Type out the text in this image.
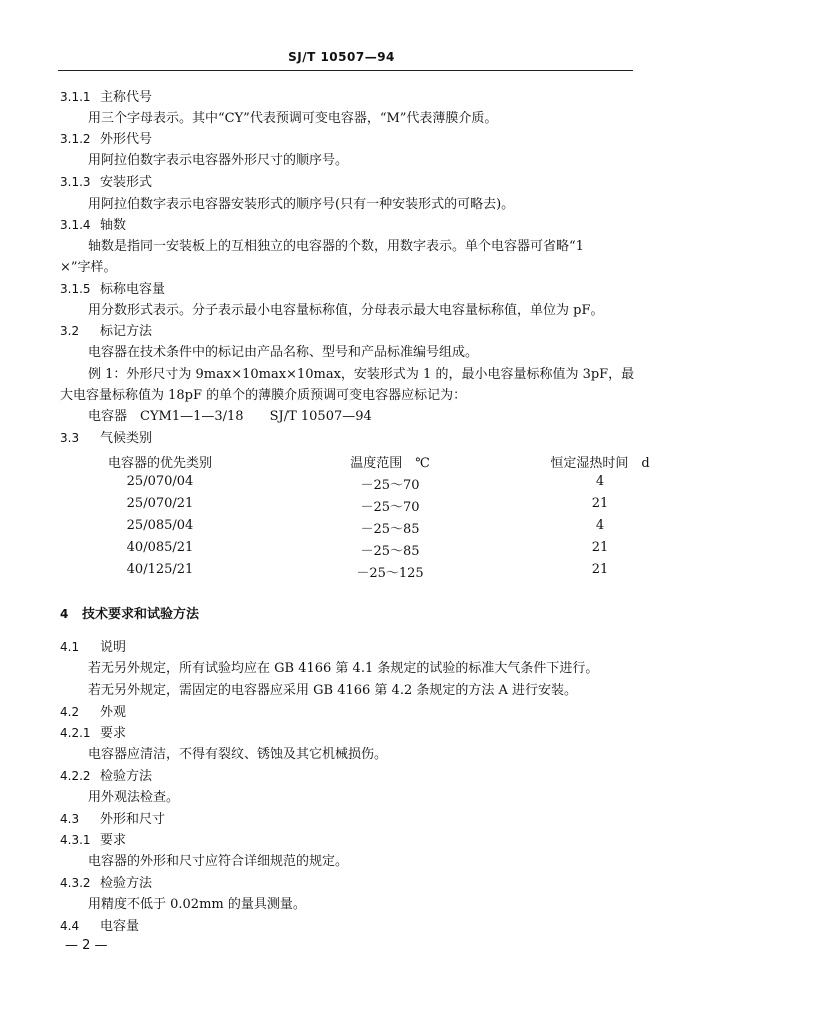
SJ/T 10507—94
3.1.1 主称代号
用三个字母表示。其中“CY”代表预调可变电容器，“M”代表薄膜介质。
3.1.2 外形代号
用阿拉伯数字表示电容器外形尺寸的顺序号。
3.1.3 安装形式
用阿拉伯数字表示电容器安装形式的顺序号(只有一种安装形式的可略去)。
3.1.4 轴数
轴数是指同一安装板上的互相独立的电容器的个数，用数字表示。单个电容器可省略“1
×”字样。
3.1.5 标称电容量
用分数形式表示。分子表示最小电容量标称值，分母表示最大电容量标称值，单位为 pF。
3.2 标记方法
电容器在技术条件中的标记由产品名称、型号和产品标准编号组成。
例 1：外形尺寸为 9max×10max×10max，安装形式为 1 的，最小电容量标称值为 3pF，最
大电容量标称值为 18pF 的单个的薄膜介质预调可变电容器应标记为：
电容器　CYM1—1—3/18　　SJ/T 10507—94
3.3 气候类别
电容器的优先类别	温度范围　℃	恒定湿热时间　d
25/070/04	－25～70	4
25/070/21	－25～70	21
25/085/04	－25～85	4
40/085/21	－25～85	21
40/125/21	－25～125	21
4 技术要求和试验方法
4.1 说明
若无另外规定，所有试验均应在 GB 4166 第 4.1 条规定的试验的标准大气条件下进行。
若无另外规定，需固定的电容器应采用 GB 4166 第 4.2 条规定的方法 A 进行安装。
4.2 外观
4.2.1 要求
电容器应清洁，不得有裂纹、锈蚀及其它机械损伤。
4.2.2 检验方法
用外观法检查。
4.3 外形和尺寸
4.3.1 要求
电容器的外形和尺寸应符合详细规范的规定。
4.3.2 检验方法
用精度不低于 0.02mm 的量具测量。
4.4 电容量
— 2 —
